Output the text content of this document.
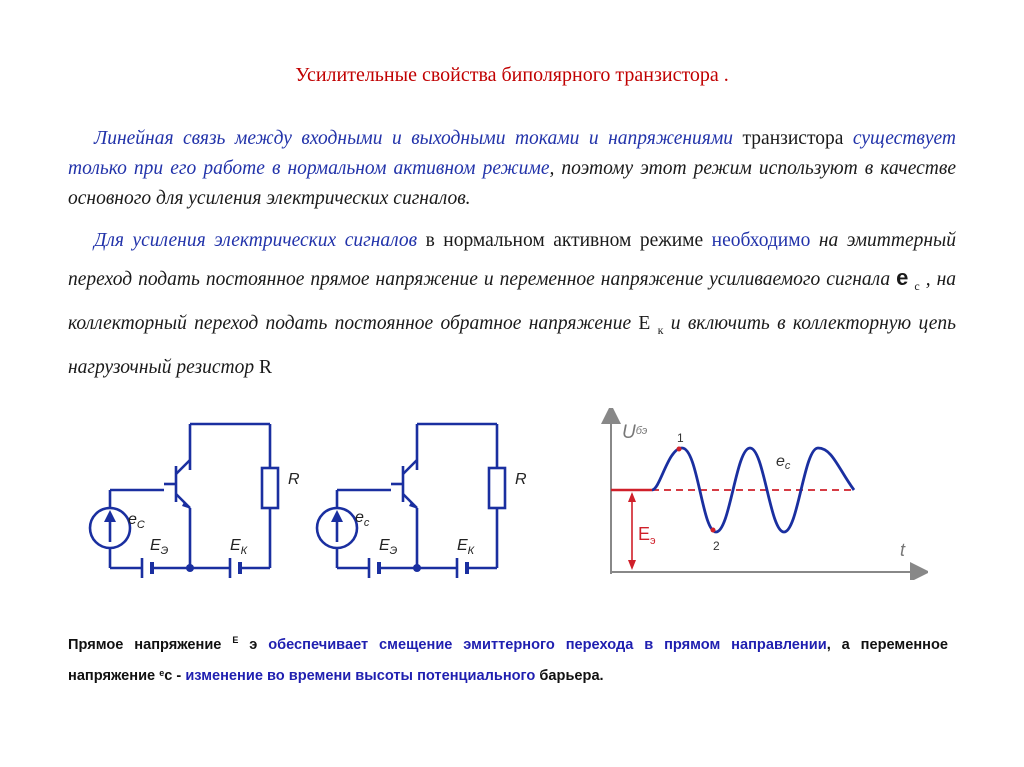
Усилительные свойства биполярного транзистора .
Линейная связь между входными и выходными токами и напряжениями транзистора существует только при его работе в нормальном активном режиме, поэтому этот режим используют в качестве основного для усиления электрических сигналов.
Для усиления электрических сигналов в нормальном активном режиме необходимо на эмиттерный переход подать постоянное прямое напряжение и переменное напряжение усиливаемого сигнала е $_с$ , на коллекторный переход подать постоянное обратное напряжение Е $_к$ и включить в коллекторную цепь нагрузочный резистор R
$e_C$
$E_Э$	$E_К$
R
$e_c$
$E_Э$	$E_К$
R
1
2
$U^{бэ}$
ec
$E_э$	t
Прямое напряжение $^Е$ э обеспечивает смещение эмиттерного перехода в прямом направлении, а переменное напряжение $^е$с - изменение во времени высоты потенциального барьера.
